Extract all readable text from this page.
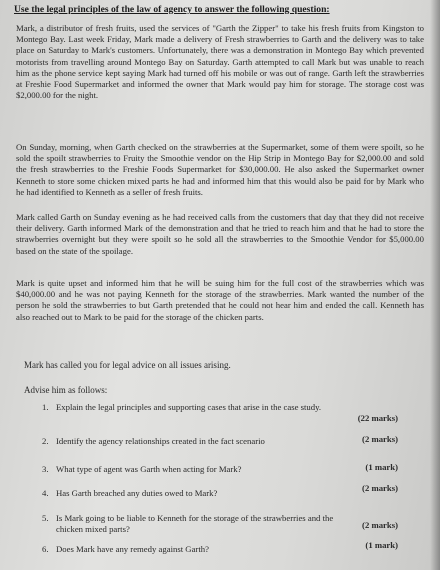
Use the legal principles of the law of agency to answer the following question:

Mark, a distributor of fresh fruits, used the services of "Garth the Zipper" to take his fresh fruits from Kingston to Montego Bay. Last week Friday, Mark made a delivery of Fresh strawberries to Garth and the delivery was to take place on Saturday to Mark's customers. Unfortunately, there was a demonstration in Montego Bay which prevented motorists from travelling around Montego Bay on Saturday. Garth attempted to call Mark but was unable to reach him as the phone service kept saying Mark had turned off his mobile or was out of range. Garth left the strawberries at Freshie Food Supermarket and informed the owner that Mark would pay him for storage. The storage cost was $2,000.00 for the night.

On Sunday, morning, when Garth checked on the strawberries at the Supermarket, some of them were spoilt, so he sold the spoilt strawberries to Fruity the Smoothie vendor on the Hip Strip in Montego Bay for $2,000.00 and sold the fresh strawberries to the Freshie Foods Supermarket for $30,000.00. He also asked the Supermarket owner Kenneth to store some chicken mixed parts he had and informed him that this would also be paid for by Mark who he had identified to Kenneth as a seller of fresh fruits.

Mark called Garth on Sunday evening as he had received calls from the customers that day that they did not receive their delivery. Garth informed Mark of the demonstration and that he tried to reach him and that he had to store the strawberries overnight but they were spoilt so he sold all the strawberries to the Smoothie Vendor for $5,000.00 based on the state of the spoilage.

Mark is quite upset and informed him that he will be suing him for the full cost of the strawberries which was $40,000.00 and he was not paying Kenneth for the storage of the strawberries. Mark wanted the number of the person he sold the strawberries to but Garth pretended that he could not hear him and ended the call. Kenneth has also reached out to Mark to be paid for the storage of the chicken parts.

Mark has called you for legal advice on all issues arising.
Advise him as follows:
1. Explain the legal principles and supporting cases that arise in the case study.
(22 marks)
2. Identify the agency relationships created in the fact scenario	(2 marks)
3. What type of agent was Garth when acting for Mark?	(1 mark)
4. Has Garth breached any duties owed to Mark?	(2 marks)
5. Is Mark going to be liable to Kenneth for the storage of the strawberries and the chicken mixed parts?	(2 marks)
6. Does Mark have any remedy against Garth?	(1 mark)
